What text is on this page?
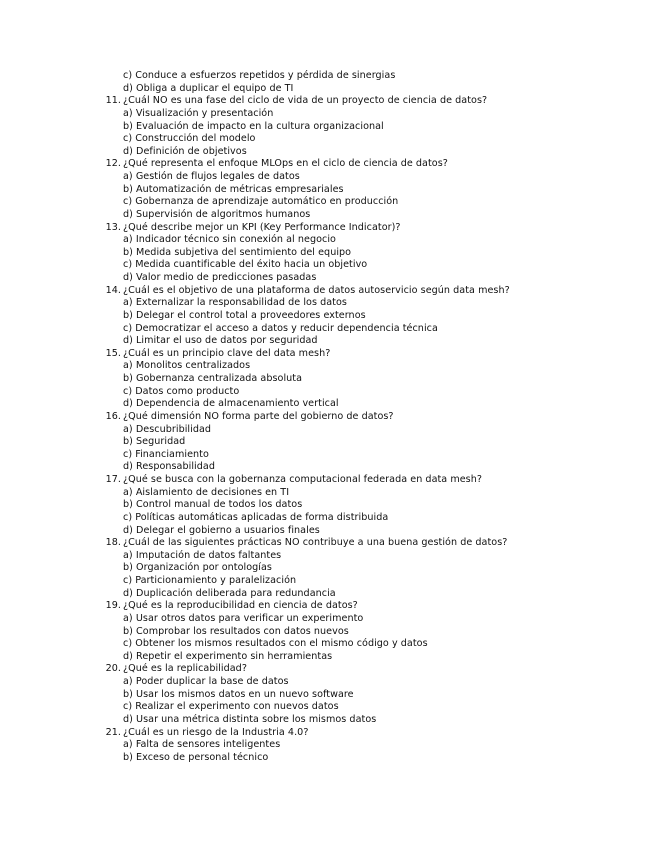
c) Conduce a esfuerzos repetidos y pérdida de sinergias
d) Obliga a duplicar el equipo de TI
11. ¿Cuál NO es una fase del ciclo de vida de un proyecto de ciencia de datos?
a) Visualización y presentación
b) Evaluación de impacto en la cultura organizacional
c) Construcción del modelo
d) Definición de objetivos
12. ¿Qué representa el enfoque MLOps en el ciclo de ciencia de datos?
a) Gestión de flujos legales de datos
b) Automatización de métricas empresariales
c) Gobernanza de aprendizaje automático en producción
d) Supervisión de algoritmos humanos
13. ¿Qué describe mejor un KPI (Key Performance Indicator)?
a) Indicador técnico sin conexión al negocio
b) Medida subjetiva del sentimiento del equipo
c) Medida cuantificable del éxito hacia un objetivo
d) Valor medio de predicciones pasadas
14. ¿Cuál es el objetivo de una plataforma de datos autoservicio según data mesh?
a) Externalizar la responsabilidad de los datos
b) Delegar el control total a proveedores externos
c) Democratizar el acceso a datos y reducir dependencia técnica
d) Limitar el uso de datos por seguridad
15. ¿Cuál es un principio clave del data mesh?
a) Monolitos centralizados
b) Gobernanza centralizada absoluta
c) Datos como producto
d) Dependencia de almacenamiento vertical
16. ¿Qué dimensión NO forma parte del gobierno de datos?
a) Descubribilidad
b) Seguridad
c) Financiamiento
d) Responsabilidad
17. ¿Qué se busca con la gobernanza computacional federada en data mesh?
a) Aislamiento de decisiones en TI
b) Control manual de todos los datos
c) Políticas automáticas aplicadas de forma distribuida
d) Delegar el gobierno a usuarios finales
18. ¿Cuál de las siguientes prácticas NO contribuye a una buena gestión de datos?
a) Imputación de datos faltantes
b) Organización por ontologías
c) Particionamiento y paralelización
d) Duplicación deliberada para redundancia
19. ¿Qué es la reproducibilidad en ciencia de datos?
a) Usar otros datos para verificar un experimento
b) Comprobar los resultados con datos nuevos
c) Obtener los mismos resultados con el mismo código y datos
d) Repetir el experimento sin herramientas
20. ¿Qué es la replicabilidad?
a) Poder duplicar la base de datos
b) Usar los mismos datos en un nuevo software
c) Realizar el experimento con nuevos datos
d) Usar una métrica distinta sobre los mismos datos
21. ¿Cuál es un riesgo de la Industria 4.0?
a) Falta de sensores inteligentes
b) Exceso de personal técnico
